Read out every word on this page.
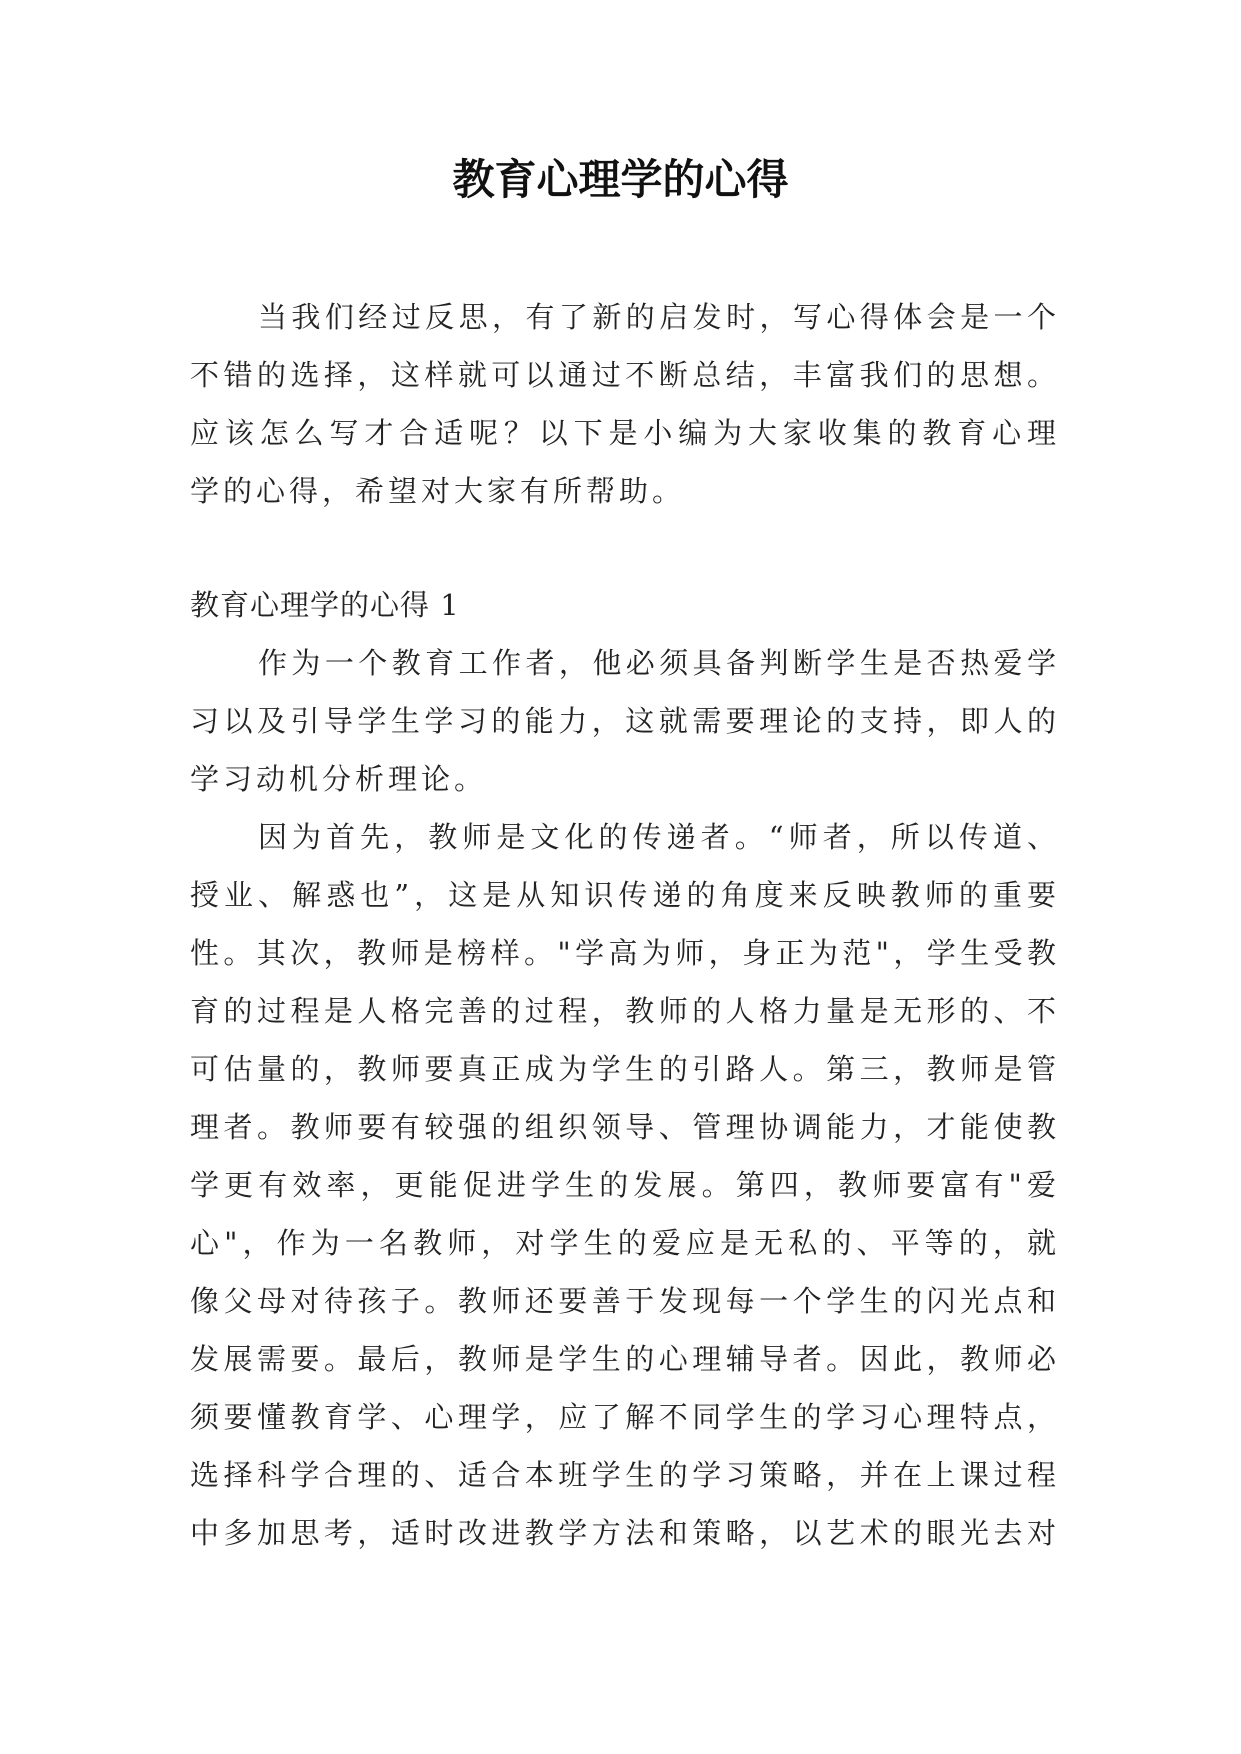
教育心理学的心得
当我们经过反思，有了新的启发时，写心得体会是一个
不错的选择，这样就可以通过不断总结，丰富我们的思想。
应该怎么写才合适呢？以下是小编为大家收集的教育心理
学的心得，希望对大家有所帮助。
教育心理学的心得 1
作为一个教育工作者，他必须具备判断学生是否热爱学
习以及引导学生学习的能力，这就需要理论的支持，即人的
学习动机分析理论。
因为首先，教师是文化的传递者。“师者，所以传道、
授业、解惑也”，这是从知识传递的角度来反映教师的重要
性。其次，教师是榜样。"学高为师，身正为范"，学生受教
育的过程是人格完善的过程，教师的人格力量是无形的、不
可估量的，教师要真正成为学生的引路人。第三，教师是管
理者。教师要有较强的组织领导、管理协调能力，才能使教
学更有效率，更能促进学生的发展。第四，教师要富有"爱
心"，作为一名教师，对学生的爱应是无私的、平等的，就
像父母对待孩子。教师还要善于发现每一个学生的闪光点和
发展需要。最后，教师是学生的心理辅导者。因此，教师必
须要懂教育学、心理学，应了解不同学生的学习心理特点，
选择科学合理的、适合本班学生的学习策略，并在上课过程
中多加思考，适时改进教学方法和策略，以艺术的眼光去对
